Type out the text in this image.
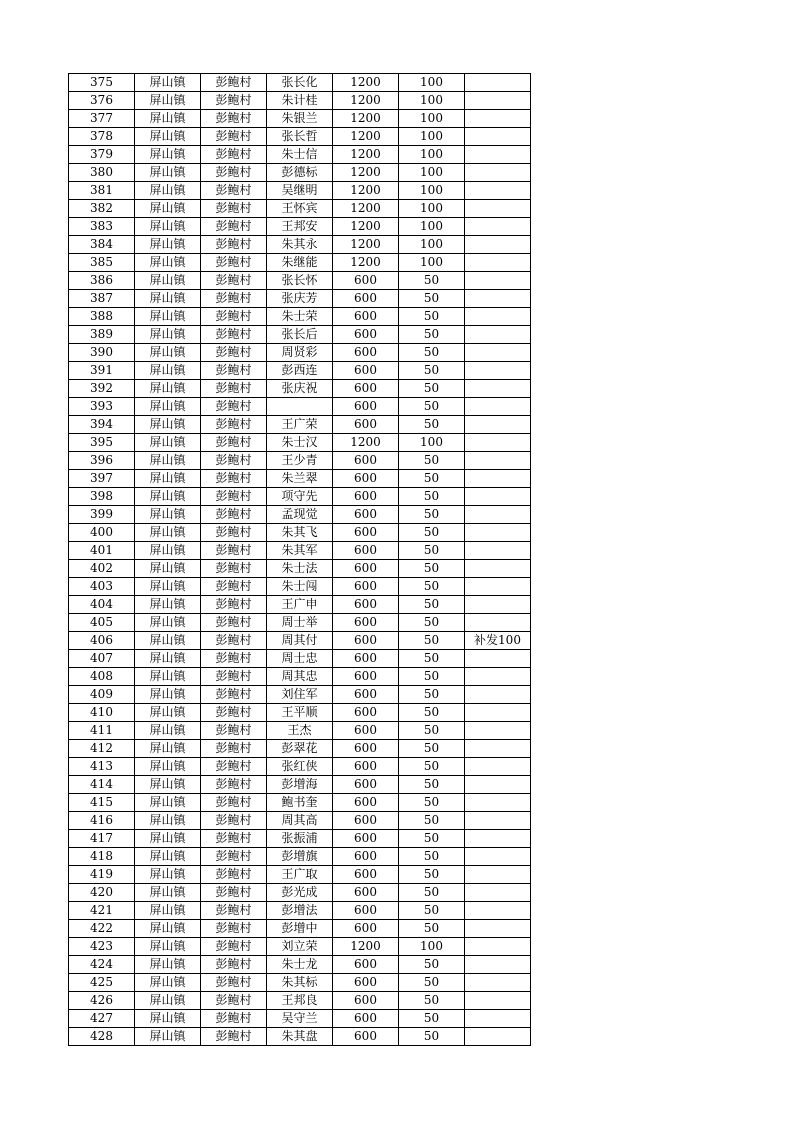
375	屏山镇	彭鲍村	张长化	1200	100	
376	屏山镇	彭鲍村	朱计桂	1200	100	
377	屏山镇	彭鲍村	朱银兰	1200	100	
378	屏山镇	彭鲍村	张长哲	1200	100	
379	屏山镇	彭鲍村	朱士信	1200	100	
380	屏山镇	彭鲍村	彭德标	1200	100	
381	屏山镇	彭鲍村	吴继明	1200	100	
382	屏山镇	彭鲍村	王怀宾	1200	100	
383	屏山镇	彭鲍村	王邦安	1200	100	
384	屏山镇	彭鲍村	朱其永	1200	100	
385	屏山镇	彭鲍村	朱继能	1200	100	
386	屏山镇	彭鲍村	张长怀	600	50	
387	屏山镇	彭鲍村	张庆芳	600	50	
388	屏山镇	彭鲍村	朱士荣	600	50	
389	屏山镇	彭鲍村	张长后	600	50	
390	屏山镇	彭鲍村	周贤彩	600	50	
391	屏山镇	彭鲍村	彭西连	600	50	
392	屏山镇	彭鲍村	张庆祝	600	50	
393	屏山镇	彭鲍村		600	50	
394	屏山镇	彭鲍村	王广荣	600	50	
395	屏山镇	彭鲍村	朱士汉	1200	100	
396	屏山镇	彭鲍村	王少青	600	50	
397	屏山镇	彭鲍村	朱兰翠	600	50	
398	屏山镇	彭鲍村	项守先	600	50	
399	屏山镇	彭鲍村	孟现觉	600	50	
400	屏山镇	彭鲍村	朱其飞	600	50	
401	屏山镇	彭鲍村	朱其军	600	50	
402	屏山镇	彭鲍村	朱士法	600	50	
403	屏山镇	彭鲍村	朱士闯	600	50	
404	屏山镇	彭鲍村	王广申	600	50	
405	屏山镇	彭鲍村	周士举	600	50	
406	屏山镇	彭鲍村	周其付	600	50	补发100
407	屏山镇	彭鲍村	周士忠	600	50	
408	屏山镇	彭鲍村	周其忠	600	50	
409	屏山镇	彭鲍村	刘住军	600	50	
410	屏山镇	彭鲍村	王平顺	600	50	
411	屏山镇	彭鲍村	王杰	600	50	
412	屏山镇	彭鲍村	彭翠花	600	50	
413	屏山镇	彭鲍村	张红侠	600	50	
414	屏山镇	彭鲍村	彭增海	600	50	
415	屏山镇	彭鲍村	鲍书奎	600	50	
416	屏山镇	彭鲍村	周其高	600	50	
417	屏山镇	彭鲍村	张振浦	600	50	
418	屏山镇	彭鲍村	彭增旗	600	50	
419	屏山镇	彭鲍村	王广取	600	50	
420	屏山镇	彭鲍村	彭光成	600	50	
421	屏山镇	彭鲍村	彭增法	600	50	
422	屏山镇	彭鲍村	彭增中	600	50	
423	屏山镇	彭鲍村	刘立荣	1200	100	
424	屏山镇	彭鲍村	朱士龙	600	50	
425	屏山镇	彭鲍村	朱其标	600	50	
426	屏山镇	彭鲍村	王邦良	600	50	
427	屏山镇	彭鲍村	吴守兰	600	50	
428	屏山镇	彭鲍村	朱其盘	600	50	
